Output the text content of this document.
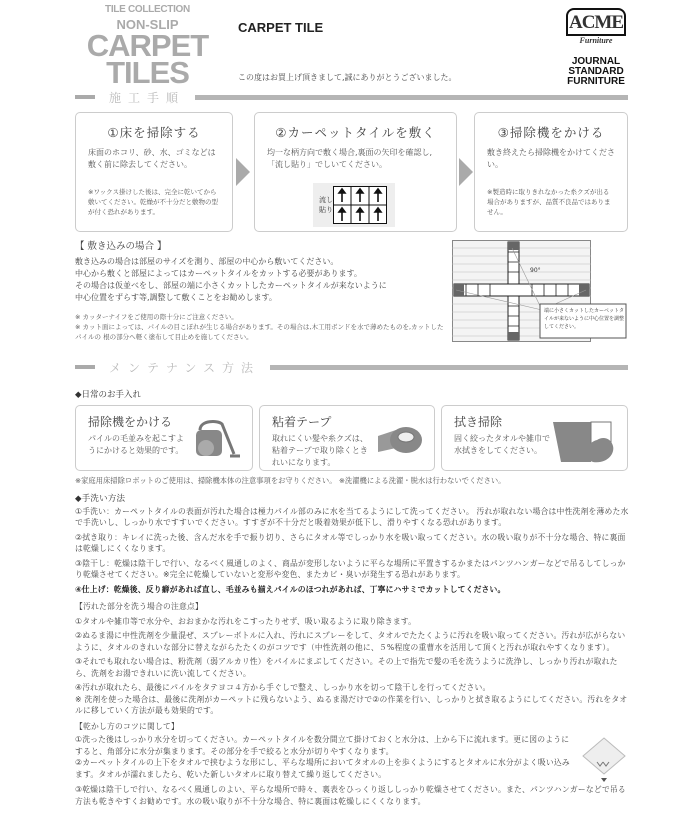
TILE COLLECTION
NON-SLIP
CARPET
TILES
CARPET TILE
この度はお買上げ頂きまして,誠にありがとうございました。
ACME
Furniture
JOURNAL
STANDARD
FURNITURE
施工手順
①床を掃除する

床面のホコリ、砂、水、ゴミなどは敷く前に除去してください。

※ワックス掛けした後は、完全に乾いてから敷いてください。乾燥が不十分だと敷物の型が付く恐れがあります。

②カーペットタイルを敷く

均一な柄方向で敷く場合,裏面の矢印を確認し,「流し貼り」でしいてください。

流し貼り
③掃除機をかける

敷き終えたら掃除機をかけてください。

※製造時に取りきれなかった糸クズが出る場合がありますが、品質不良品ではありません。

【 敷き込みの場合 】
敷き込みの場合は部屋のサイズを測り、部屋の中心から敷いてください。
中心から敷くと部屋によってはカーペットタイルをカットする必要があります。
その場合は仮並べをし、部屋の端に小さくカットしたカーペットタイルが来ないように
中心位置をずらす等,調整して敷くことをお勧めします。
※ カッターナイフをご使用の際十分にご注意ください。
※ カット面によっては、パイルの目こぼれが生じる場合があります。その場合は,木工用ボンドを水で薄めたものを,カットしたパイルの 根の部分へ軽く塗布して目止めを施してください。
90°
端に小さくカットしたカーペットタイルが来ないように中心位置を調整してください。
メンテナンス方法
◆日常のお手入れ
掃除機をかける

パイルの毛並みを起こすようにかけると効果的です。

粘着テープ

取れにくい髪や糸クズは、粘着テープで取り除くときれいになります。

拭き掃除

固く絞ったタオルや雑巾で水拭きをしてください。

※家庭用床掃除ロボットのご使用は、掃除機本体の注意事項をお守りください。 ※洗濯機による洗濯・脱水は行わないでください。
◆手洗い方法
①手洗い：カーペットタイルの表面が汚れた場合は極力パイル部のみに水を当てるようにして洗ってください。 汚れが取れない場合は中性洗剤を薄めた水で手洗いし、しっかり水ですすいでください。すすぎが不十分だと吸着効果が低下し、滑りやすくなる恐れがあります。
②拭き取り：キレイに洗った後、含んだ水を手で振り切り、さらにタオル等でしっかり水を吸い取ってください。水の吸い取りが不十分な場合、特に裏面は乾燥しにくくなります。
③陰干し：乾燥は陰干しで行い、なるべく風通しのよく、商品が変形しないように平らな場所に平置きするかまたはパンツハンガーなどで吊るしてしっかり乾燥させてください。※完全に乾燥していないと変形や変色、またカビ・臭いが発生する恐れがあります。
④仕上げ：乾燥後、反り癖があれば直し、毛並みも揃えパイルのほつれがあれば、丁寧にハサミでカットしてください。
【汚れた部分を洗う場合の注意点】
①タオルや雑巾等で水分や、おおまかな汚れをこすったりせず、吸い取るように取り除きます。
②ぬるま湯に中性洗剤を少量混ぜ、スプレーボトルに入れ、汚れにスプレーをして、タオルでたたくように汚れを吸い取ってください。汚れが広がらないように、タオルのきれいな部分に替えながらたたくのがコツです（中性洗剤の他に、５%程度の重曹水を活用して頂くと汚れが取れやすくなります）。
③それでも取れない場合は、粉洗剤（弱アルカリ性）をパイルにまぶしてください。その上で指先で髪の毛を洗うように洗浄し、しっかり汚れが取れたら、洗剤をお湯できれいに洗い流してください。
④汚れが取れたら、最後にパイルをタテヨコ４方から手ぐしで整え、しっかり水を切って陰干しを行ってください。
※ 洗剤を使った場合は、最後に洗剤がカーペットに残らないよう、ぬるま湯だけで②の作業を行い、しっかりと拭き取るようにしてください。汚れをタオルに移していく方法が最も効果的です。
【乾かし方のコツに関して】
①洗った後はしっかり水分を切ってください。カーペットタイルを数分間立て掛けておくと水分は、上から下に流れます。更に図のようにすると、角部分に水分が集まります。その部分を手で絞ると水分が切りやすくなります。
②カーペットタイルの上下をタオルで挟むような形にし、平らな場所においてタオルの上を歩くようにするとタオルに水分がよく吸い込みます。タオルが濡れましたら、乾いた新しいタオルに取り替えて繰り返してください。
③乾燥は陰干しで行い、なるべく風通しのよい、平らな場所で時々、裏表をひっくり返ししっかり乾燥させてください。また、パンツハンガーなどで吊る方法も乾きやすくお勧めです。水の吸い取りが不十分な場合、特に裏面は乾燥しにくくなります。
